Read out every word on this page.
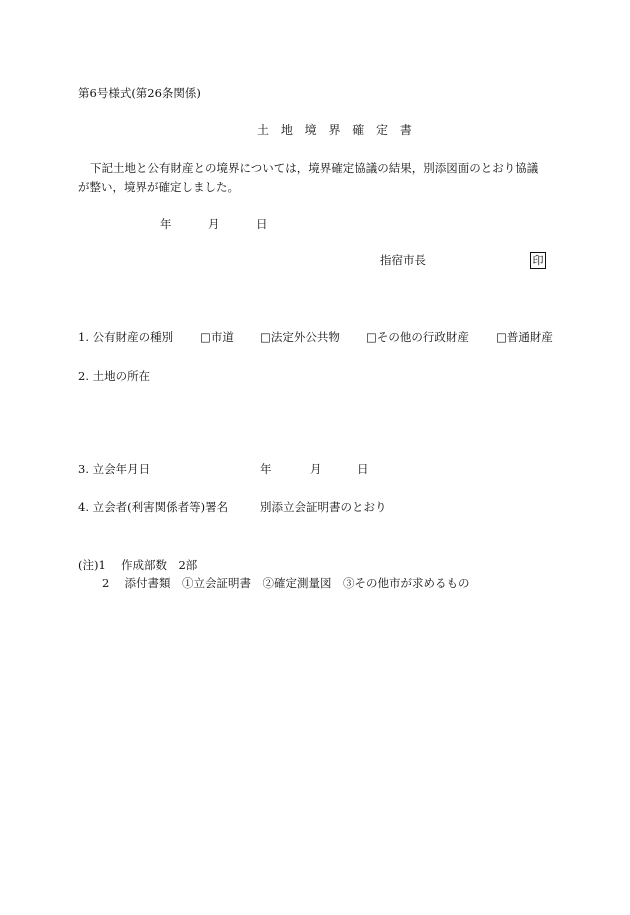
第6号様式(第26条関係)
土 地 境 界 確 定 書
下記土地と公有財産との境界については，境界確定協議の結果，別添図面のとおり協議
が整い，境界が確定しました。
年	月	日
指宿市長	印
1. 公有財産の種別 □市道 □法定外公共物 □その他の行政財産 □普通財産
2. 土地の所在
3. 立会年月日	年	月	日
4. 立会者(利害関係者等)署名	別添立会証明書のとおり
(注)1　 作成部数　2部
2　 添付書類　①立会証明書　②確定測量図　③その他市が求めるもの
